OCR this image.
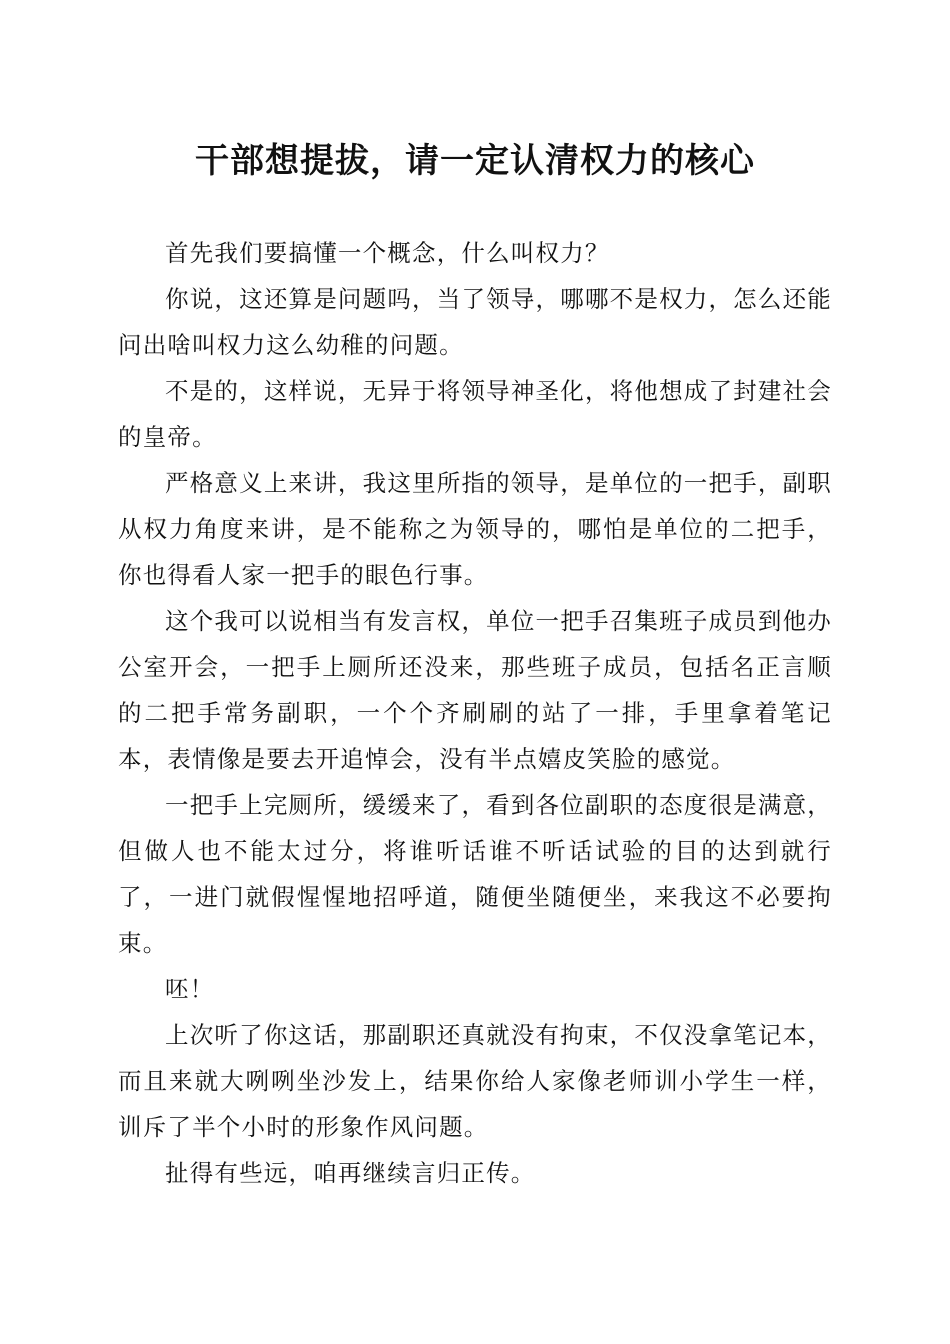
干部想提拔，请一定认清权力的核心

首先我们要搞懂一个概念，什么叫权力？

你说，这还算是问题吗，当了领导，哪哪不是权力，怎么还能问出啥叫权力这么幼稚的问题。

不是的，这样说，无异于将领导神圣化，将他想成了封建社会的皇帝。

严格意义上来讲，我这里所指的领导，是单位的一把手，副职从权力角度来讲，是不能称之为领导的，哪怕是单位的二把手，你也得看人家一把手的眼色行事。

这个我可以说相当有发言权，单位一把手召集班子成员到他办公室开会，一把手上厕所还没来，那些班子成员，包括名正言顺的二把手常务副职，一个个齐刷刷的站了一排，手里拿着笔记本，表情像是要去开追悼会，没有半点嬉皮笑脸的感觉。

一把手上完厕所，缓缓来了，看到各位副职的态度很是满意，但做人也不能太过分，将谁听话谁不听话试验的目的达到就行了，一进门就假惺惺地招呼道，随便坐随便坐，来我这不必要拘束。

呸！

上次听了你这话，那副职还真就没有拘束，不仅没拿笔记本，而且来就大咧咧坐沙发上，结果你给人家像老师训小学生一样，训斥了半个小时的形象作风问题。

扯得有些远，咱再继续言归正传。
